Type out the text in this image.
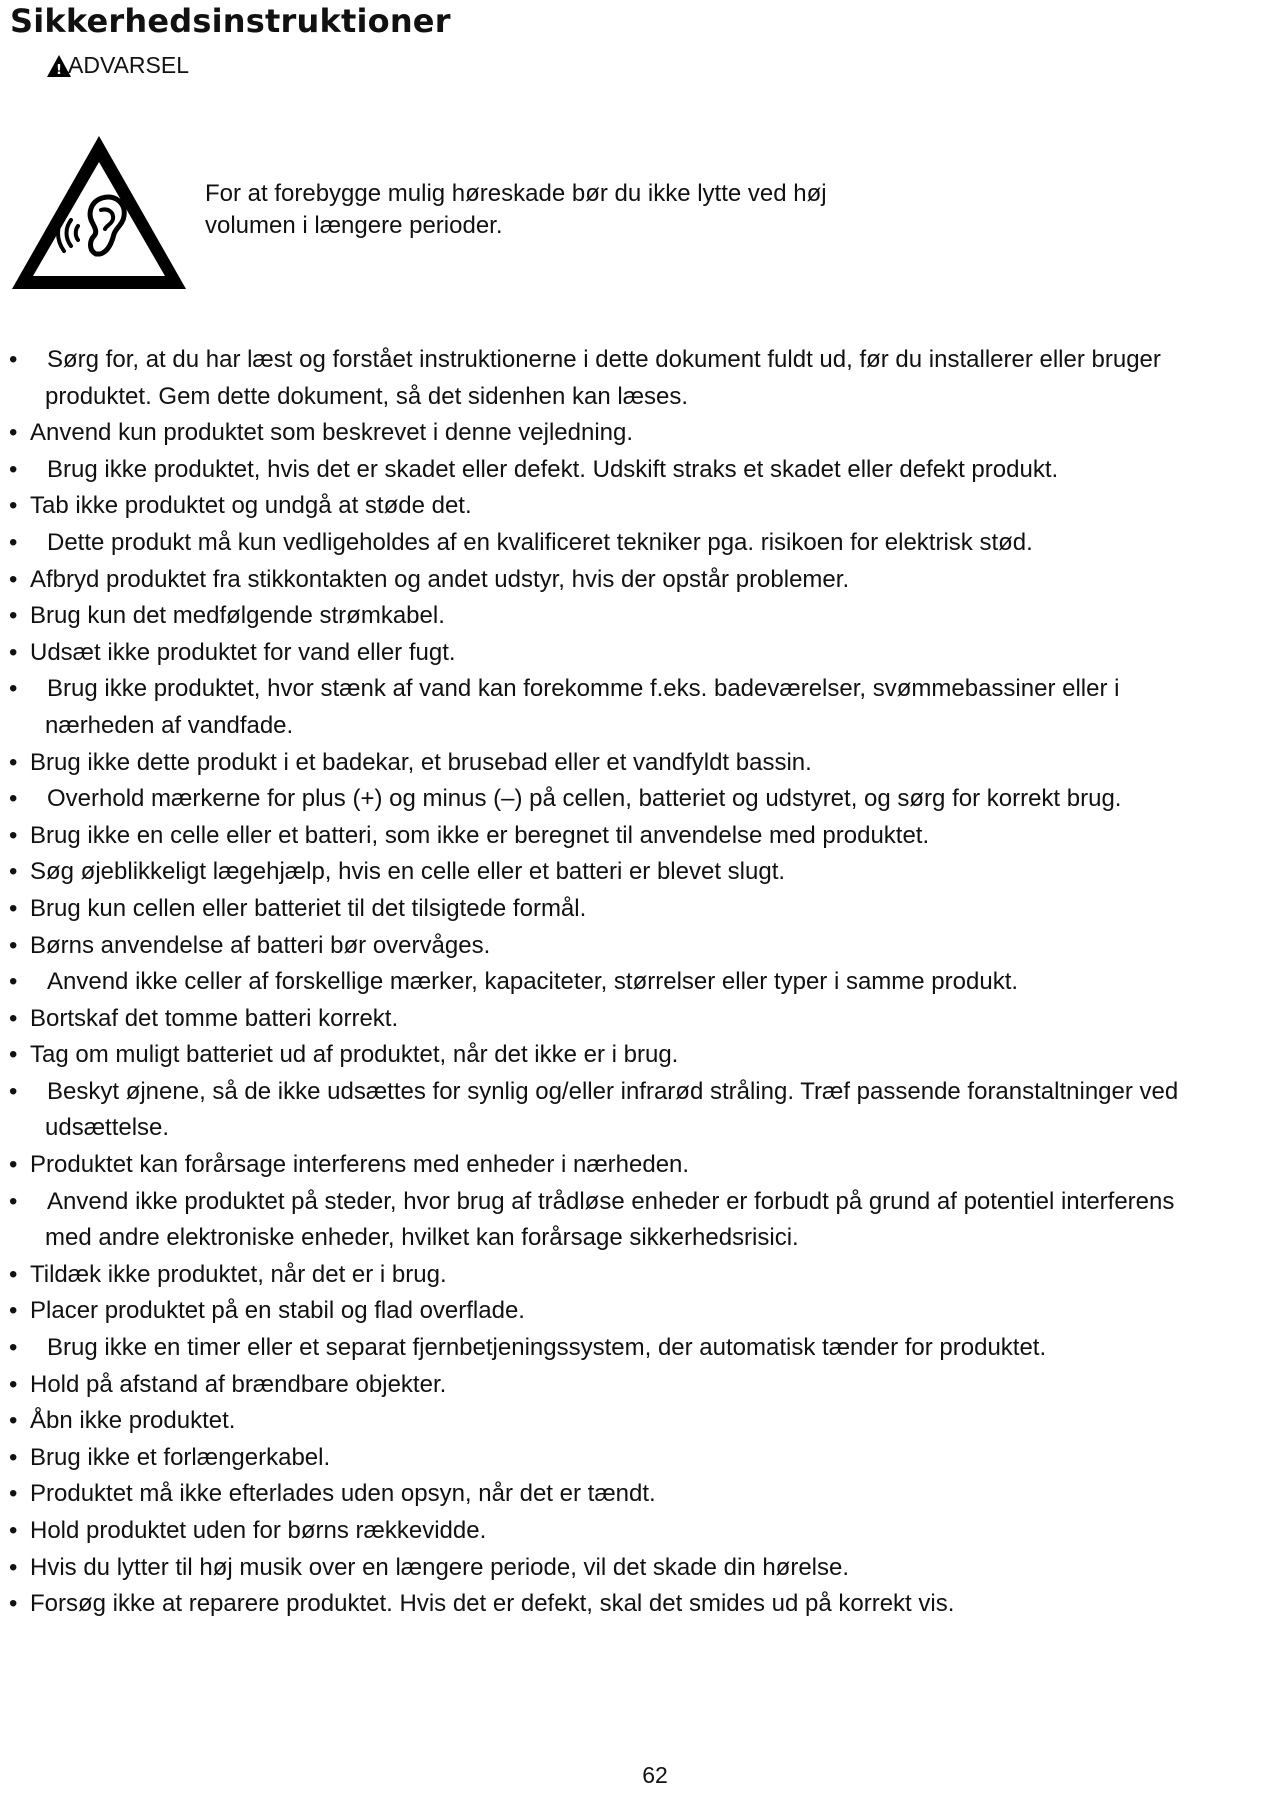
Sikkerhedsinstruktioner
! ADVARSEL

For at forebygge mulig høreskade bør du ikke lytte ved høj

volumen i længere perioder.

• Sørg for, at du har læst og forstået instruktionerne i dette dokument fuldt ud, før du installerer eller bruger
produktet. Gem dette dokument, så det sidenhen kan læses.
• Anvend kun produktet som beskrevet i denne vejledning.
• Brug ikke produktet, hvis det er skadet eller defekt. Udskift straks et skadet eller defekt produkt.
• Tab ikke produktet og undgå at støde det.
• Dette produkt må kun vedligeholdes af en kvalificeret tekniker pga. risikoen for elektrisk stød.
• Afbryd produktet fra stikkontakten og andet udstyr, hvis der opstår problemer.
• Brug kun det medfølgende strømkabel.
• Udsæt ikke produktet for vand eller fugt.
• Brug ikke produktet, hvor stænk af vand kan forekomme f.eks. badeværelser, svømmebassiner eller i
nærheden af vandfade.
• Brug ikke dette produkt i et badekar, et brusebad eller et vandfyldt bassin.
• Overhold mærkerne for plus (+) og minus (–) på cellen, batteriet og udstyret, og sørg for korrekt brug.
• Brug ikke en celle eller et batteri, som ikke er beregnet til anvendelse med produktet.
• Søg øjeblikkeligt lægehjælp, hvis en celle eller et batteri er blevet slugt.
• Brug kun cellen eller batteriet til det tilsigtede formål.
• Børns anvendelse af batteri bør overvåges.
• Anvend ikke celler af forskellige mærker, kapaciteter, størrelser eller typer i samme produkt.
• Bortskaf det tomme batteri korrekt.
• Tag om muligt batteriet ud af produktet, når det ikke er i brug.
• Beskyt øjnene, så de ikke udsættes for synlig og/eller infrarød stråling. Træf passende foranstaltninger ved
udsættelse.
• Produktet kan forårsage interferens med enheder i nærheden.
• Anvend ikke produktet på steder, hvor brug af trådløse enheder er forbudt på grund af potentiel interferens
med andre elektroniske enheder, hvilket kan forårsage sikkerhedsrisici.
• Tildæk ikke produktet, når det er i brug.
• Placer produktet på en stabil og flad overflade.
• Brug ikke en timer eller et separat fjernbetjeningssystem, der automatisk tænder for produktet.
• Hold på afstand af brændbare objekter.
• Åbn ikke produktet.
• Brug ikke et forlængerkabel.
• Produktet må ikke efterlades uden opsyn, når det er tændt.
• Hold produktet uden for børns rækkevidde.
• Hvis du lytter til høj musik over en længere periode, vil det skade din hørelse.
• Forsøg ikke at reparere produktet. Hvis det er defekt, skal det smides ud på korrekt vis.
62
